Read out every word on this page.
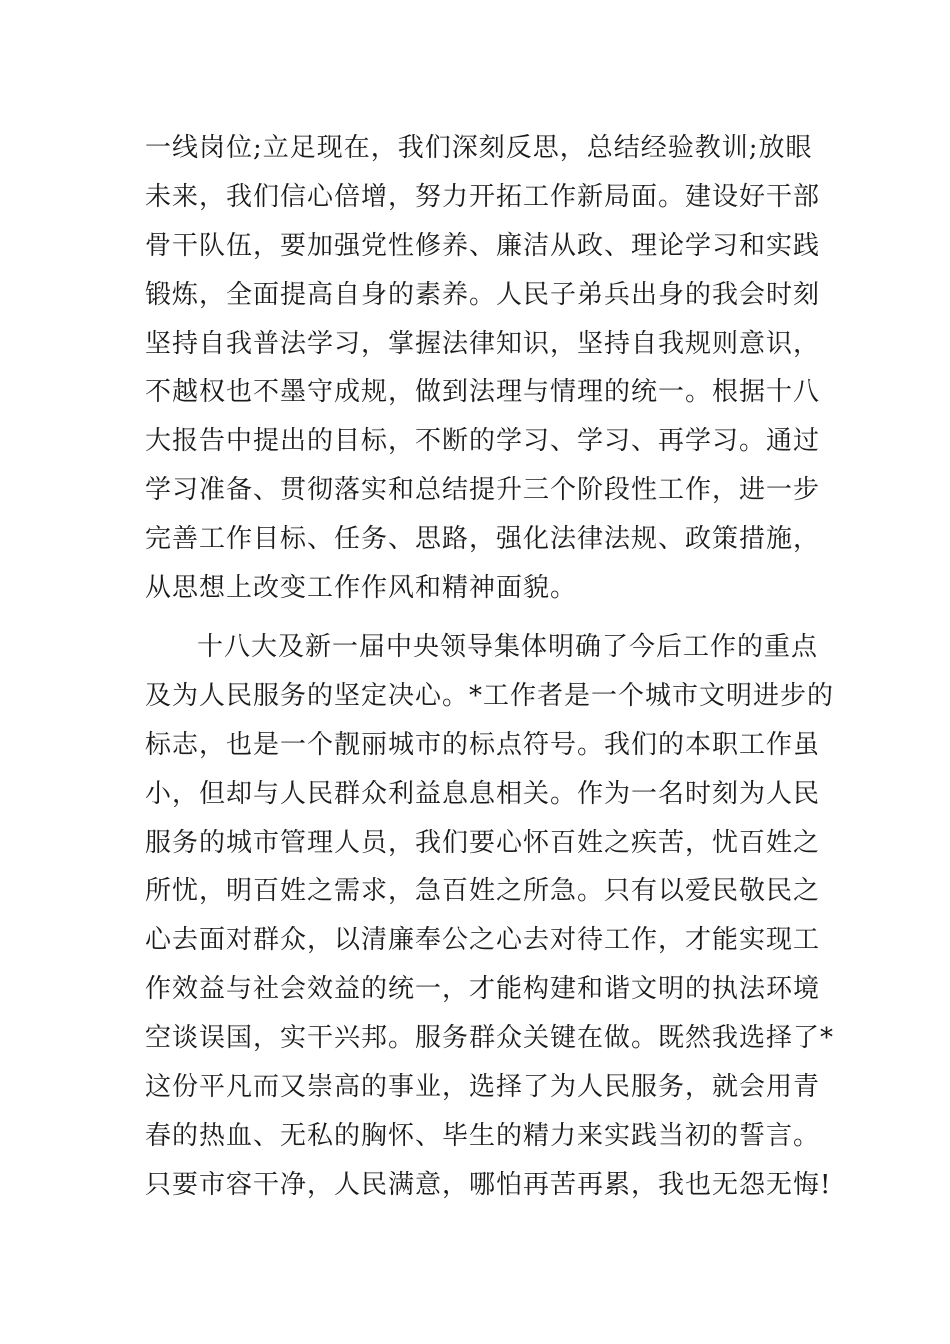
一线岗位;立足现在，我们深刻反思，总结经验教训;放眼
未来，我们信心倍增，努力开拓工作新局面。建设好干部
骨干队伍，要加强党性修养、廉洁从政、理论学习和实践
锻炼，全面提高自身的素养。人民子弟兵出身的我会时刻
坚持自我普法学习，掌握法律知识，坚持自我规则意识，
不越权也不墨守成规，做到法理与情理的统一。根据十八
大报告中提出的目标，不断的学习、学习、再学习。通过
学习准备、贯彻落实和总结提升三个阶段性工作，进一步
完善工作目标、任务、思路，强化法律法规、政策措施，
从思想上改变工作作风和精神面貌。
十八大及新一届中央领导集体明确了今后工作的重点
及为人民服务的坚定决心。*工作者是一个城市文明进步的
标志，也是一个靓丽城市的标点符号。我们的本职工作虽
小，但却与人民群众利益息息相关。作为一名时刻为人民
服务的城市管理人员，我们要心怀百姓之疾苦，忧百姓之
所忧，明百姓之需求，急百姓之所急。只有以爱民敬民之
心去面对群众，以清廉奉公之心去对待工作，才能实现工
作效益与社会效益的统一，才能构建和谐文明的执法环境
空谈误国，实干兴邦。服务群众关键在做。既然我选择了*
这份平凡而又崇高的事业，选择了为人民服务，就会用青
春的热血、无私的胸怀、毕生的精力来实践当初的誓言。
只要市容干净，人民满意，哪怕再苦再累，我也无怨无悔!
